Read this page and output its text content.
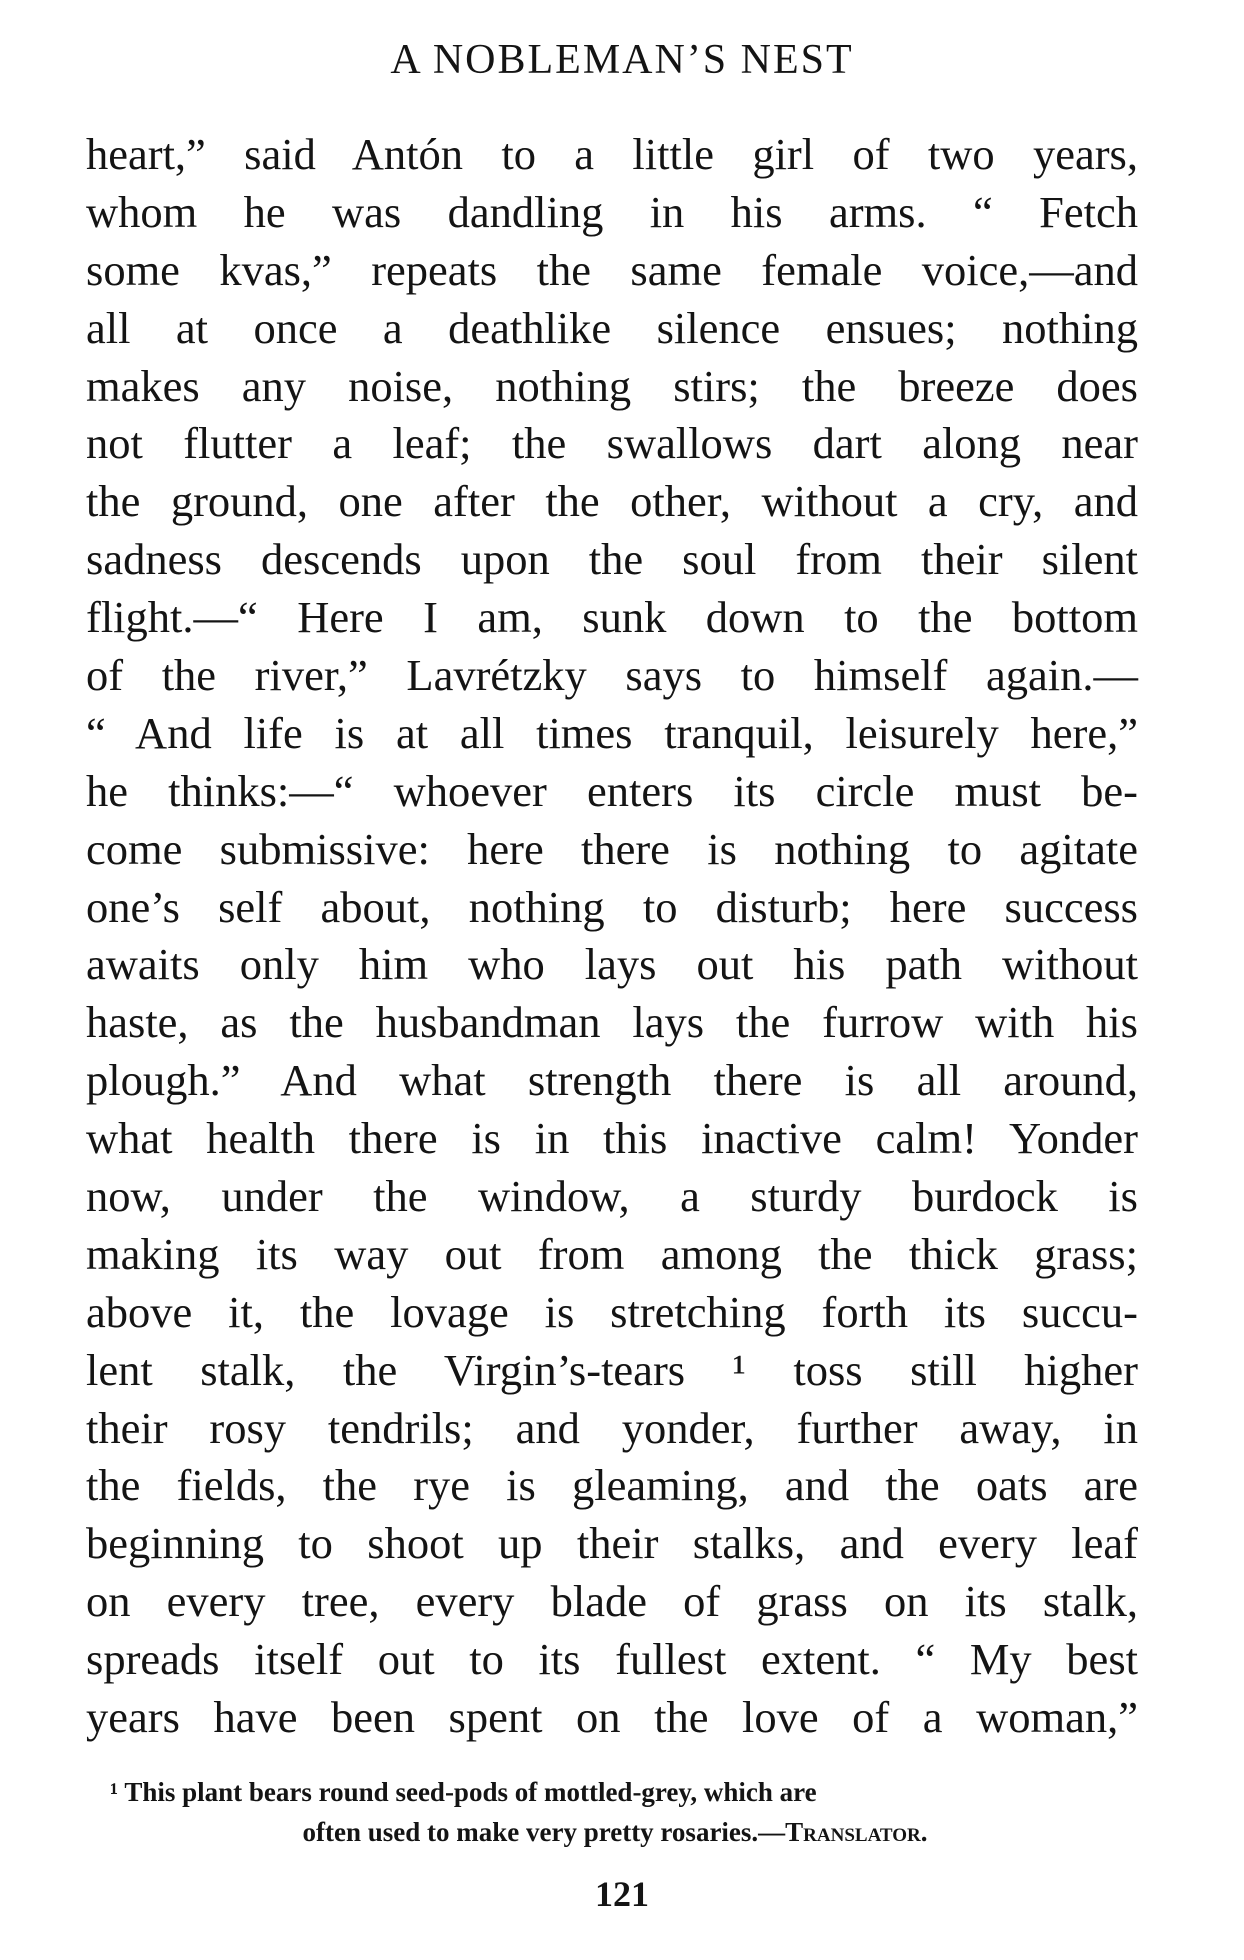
A NOBLEMAN’S NEST
heart,” said Antón to a little girl of two years,
whom he was dandling in his arms. “ Fetch
some kvas,” repeats the same female voice,—and
all at once a deathlike silence ensues; nothing
makes any noise, nothing stirs; the breeze does
not flutter a leaf; the swallows dart along near
the ground, one after the other, without a cry, and
sadness descends upon the soul from their silent
flight.—“ Here I am, sunk down to the bottom
of the river,” Lavrétzky says to himself again.—
“ And life is at all times tranquil, leisurely here,”
he thinks:—“ whoever enters its circle must be-
come submissive: here there is nothing to agitate
one’s self about, nothing to disturb; here success
awaits only him who lays out his path without
haste, as the husbandman lays the furrow with his
plough.” And what strength there is all around,
what health there is in this inactive calm! Yonder
now, under the window, a sturdy burdock is
making its way out from among the thick grass;
above it, the lovage is stretching forth its succu-
lent stalk, the Virgin’s-tears ¹ toss still higher
their rosy tendrils; and yonder, further away, in
the fields, the rye is gleaming, and the oats are
beginning to shoot up their stalks, and every leaf
on every tree, every blade of grass on its stalk,
spreads itself out to its fullest extent. “ My best
years have been spent on the love of a woman,”
¹ This plant bears round seed-pods of mottled-grey, which are
often used to make very pretty rosaries.—Translator.
121
